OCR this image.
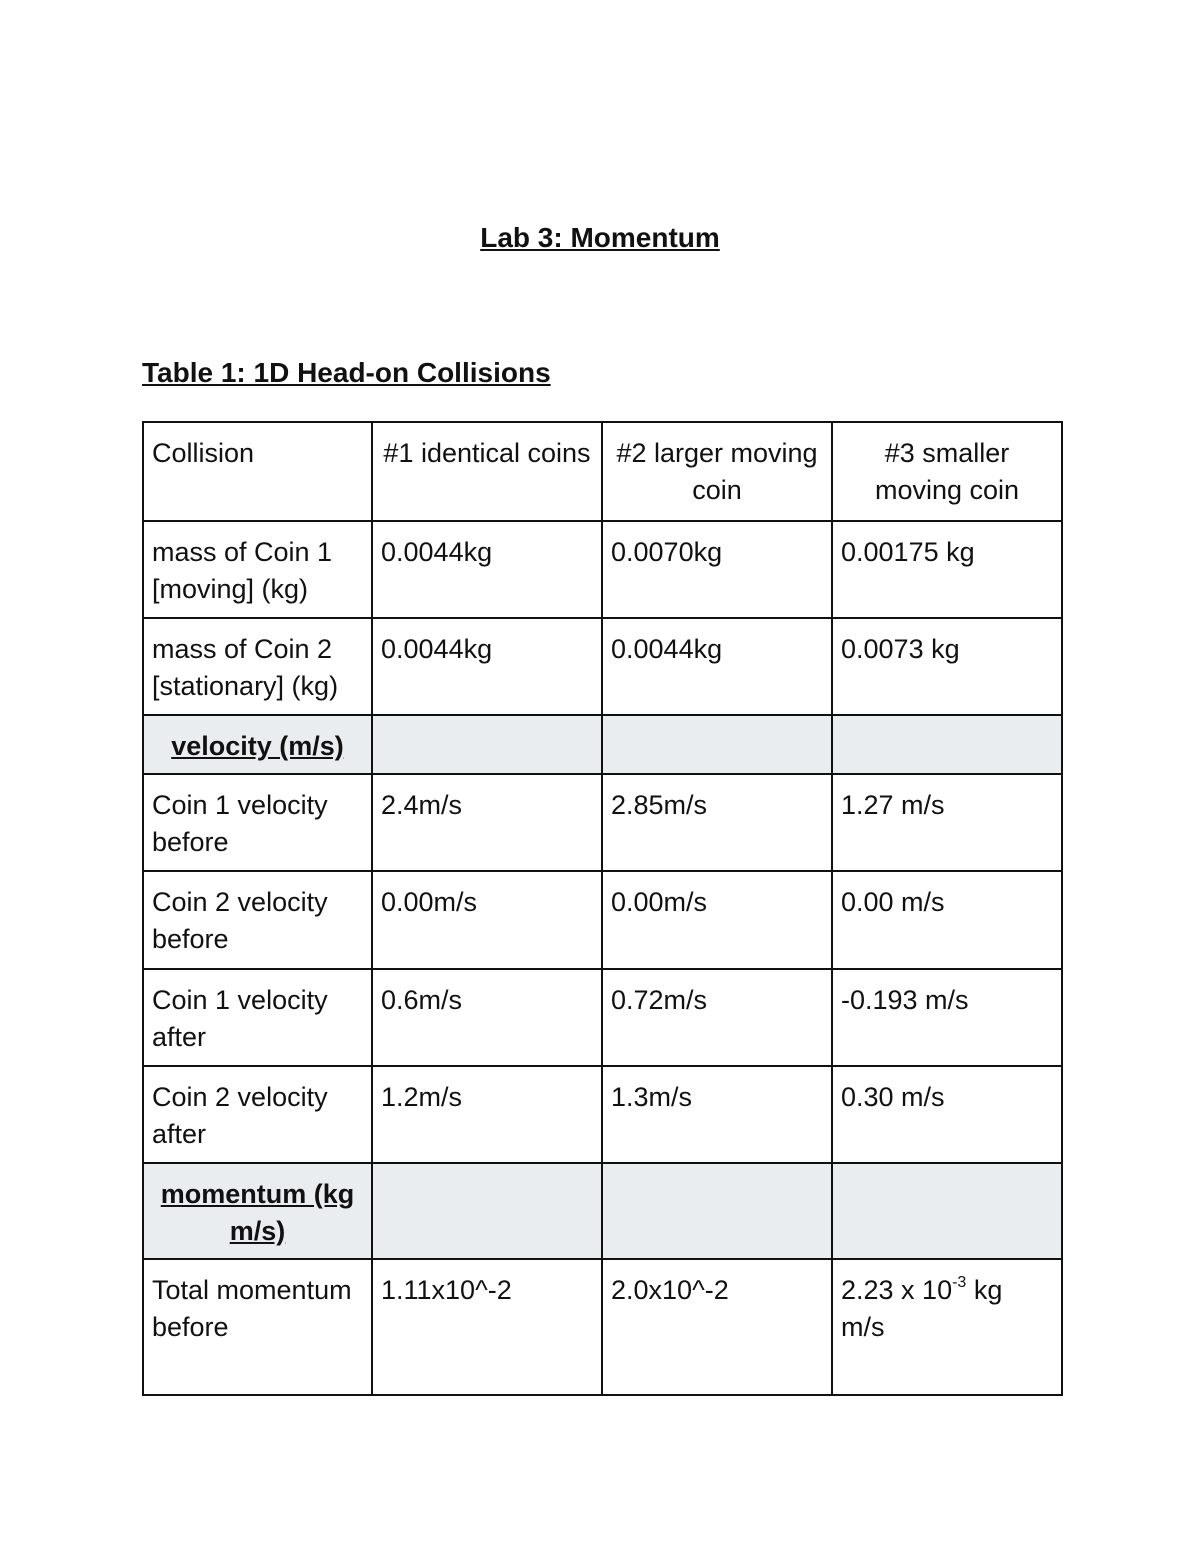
Lab 3: Momentum
Table 1: 1D Head-on Collisions
Collision	#1 identical coins	#2 larger moving coin	#3 smaller moving coin
mass of Coin 1 [moving] (kg)	0.0044kg	0.0070kg	0.00175 kg
mass of Coin 2 [stationary] (kg)	0.0044kg	0.0044kg	0.0073 kg
velocity (m/s)			
Coin 1 velocity before	2.4m/s	2.85m/s	1.27 m/s
Coin 2 velocity before	0.00m/s	0.00m/s	0.00 m/s
Coin 1 velocity after	0.6m/s	0.72m/s	-0.193 m/s
Coin 2 velocity after	1.2m/s	1.3m/s	0.30 m/s
momentum (kg m/s)			
Total momentum before	1.11x10^-2	2.0x10^-2	2.23 x $10^{-3}$ kg m/s
